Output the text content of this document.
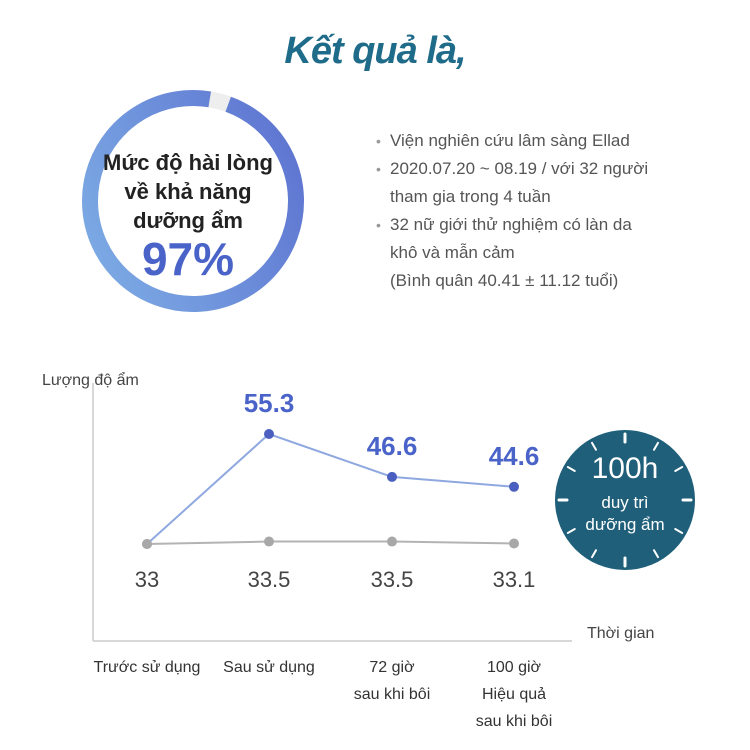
Kết quả là,
Mức độ hài lòng
về khả năng
dưỡng ẩm
97%
• Viện nghiên cứu lâm sàng Ellad
• 2020.07.20 ~ 08.19 / với 32 người
tham gia trong 4 tuần
• 32 nữ giới thử nghiệm có làn da
khô và mẫn cảm
(Bình quân 40.41 ± 11.12 tuổi)
Lượng độ ẩm
Thời gian
33	33.5	33.5	33.1
55.3
46.6	44.6
Trước sử dụng Sau sử dụng	72 giờ sau khi bôi
100 giờ Hiệu quả sau khi bôi
100h
duy trì
dưỡng ẩm
